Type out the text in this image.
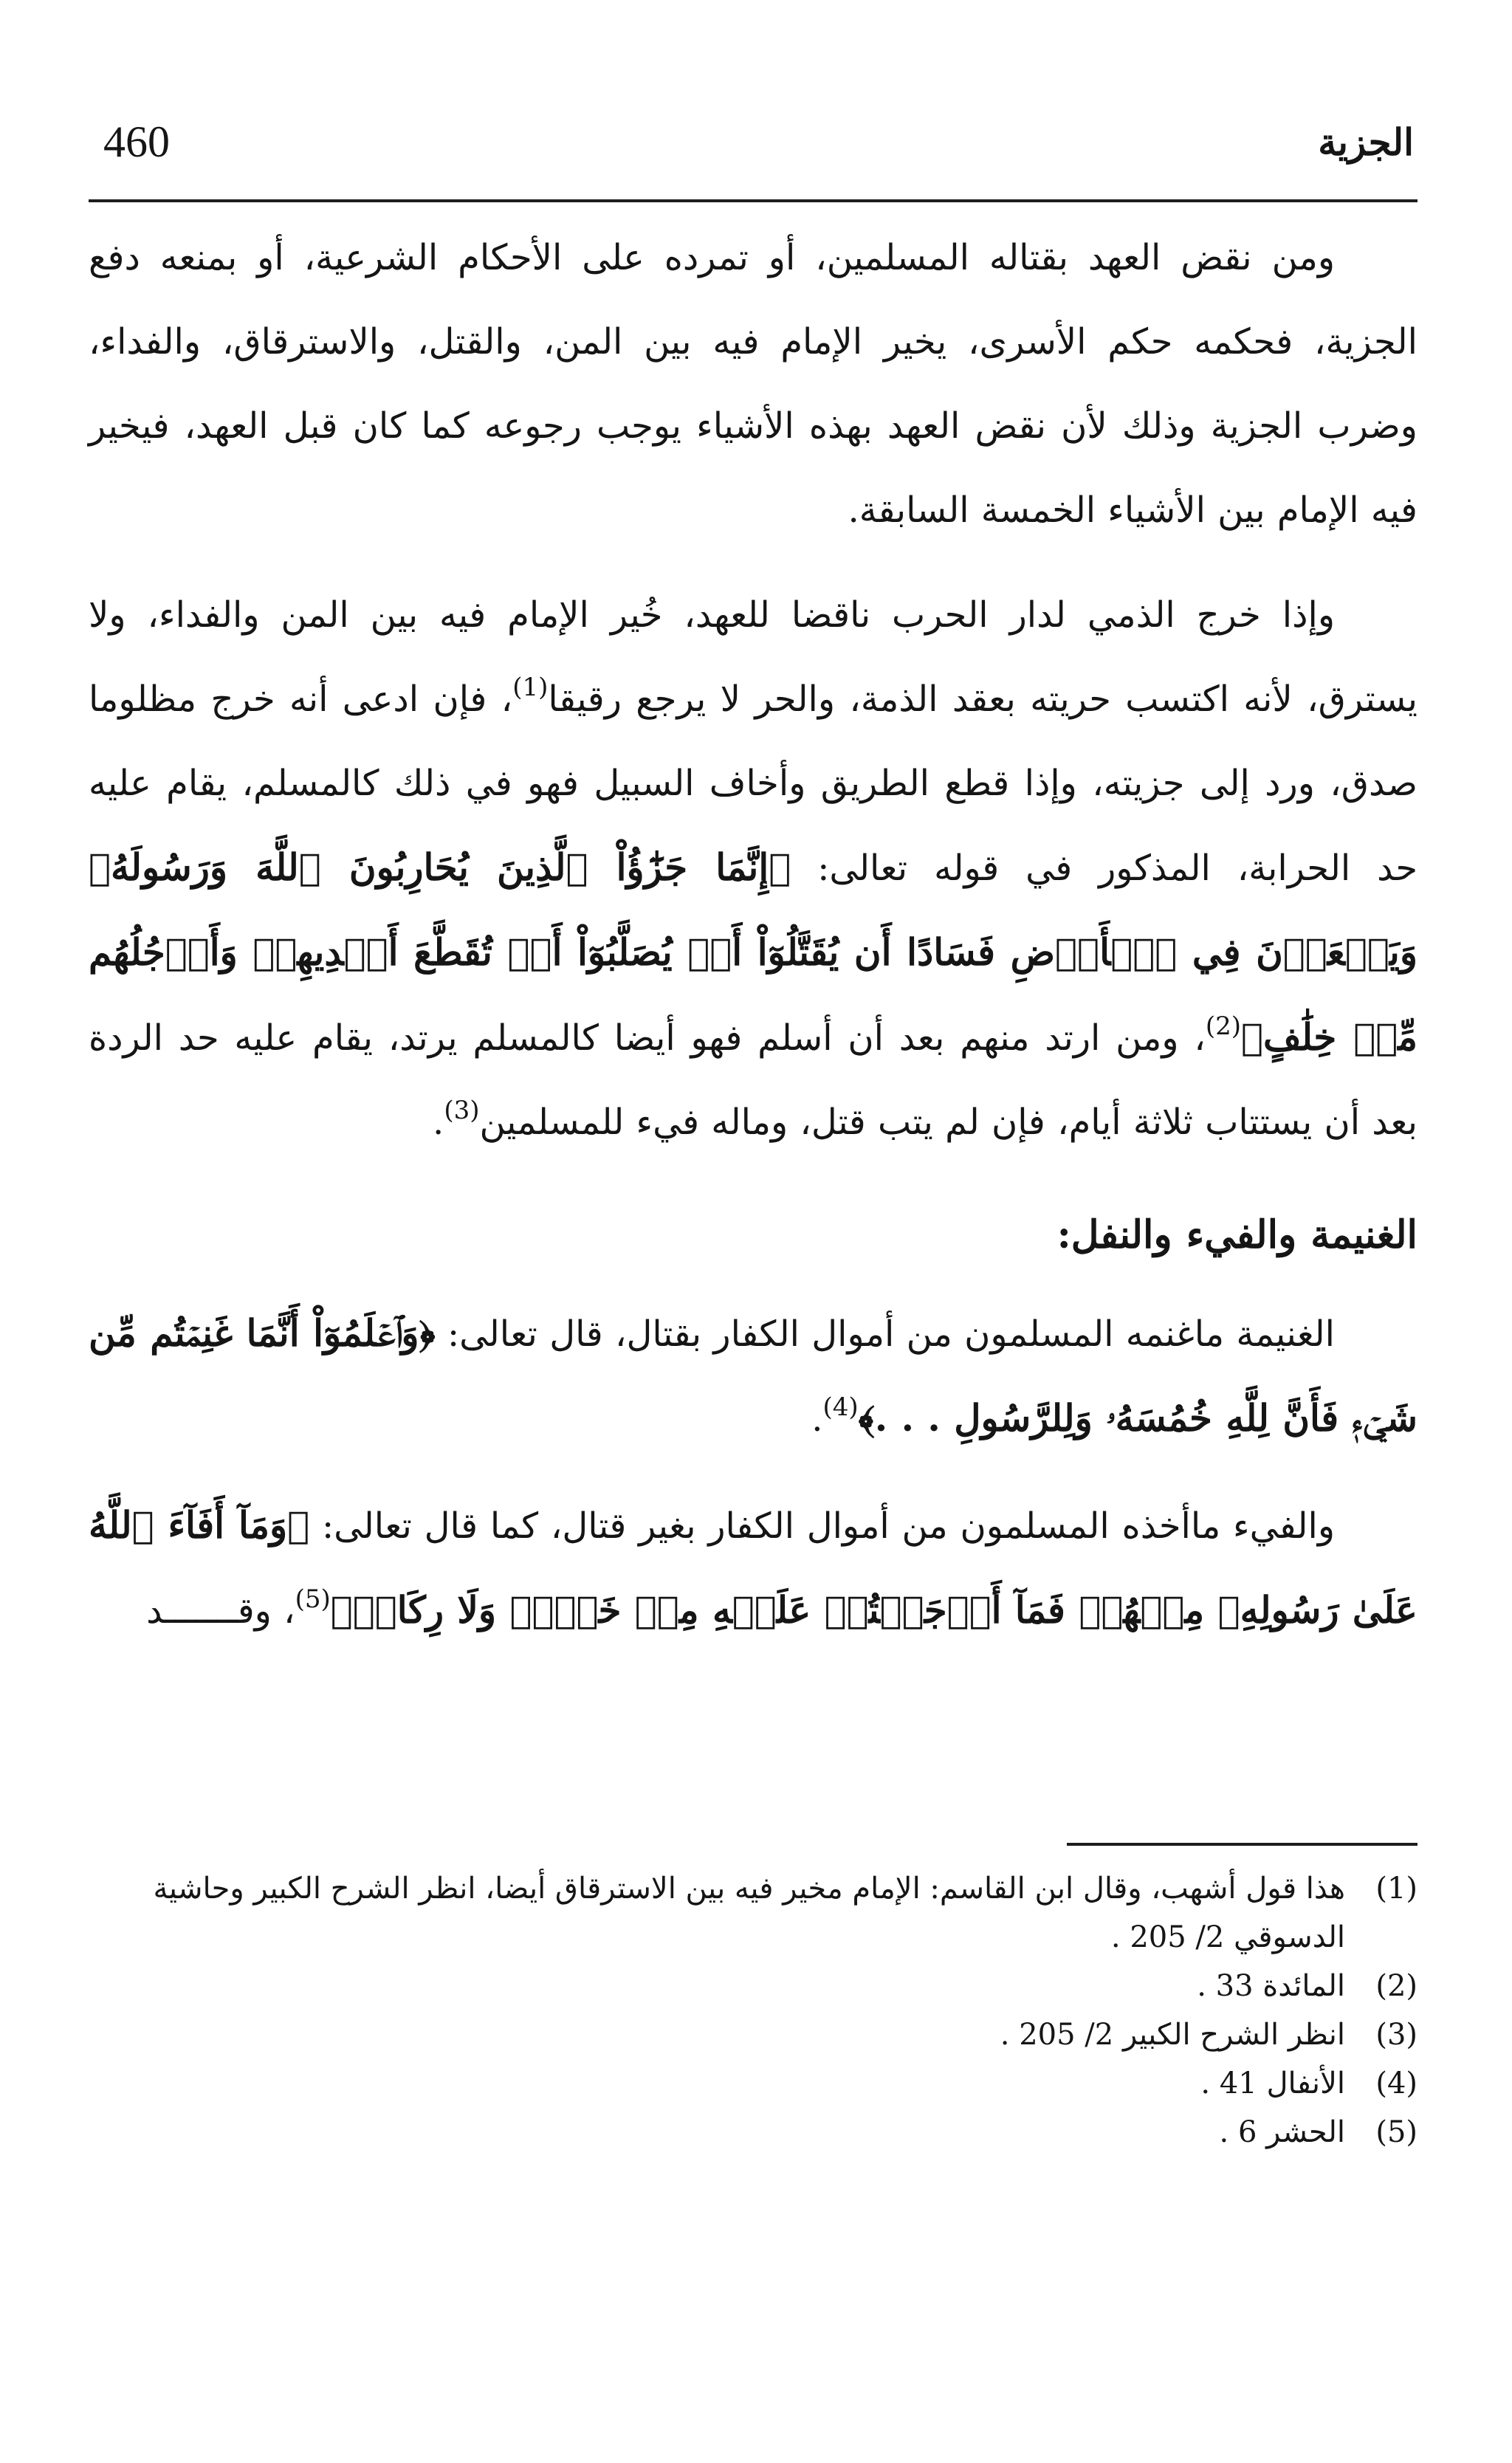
460	الجزية

ومن نقض العهد بقتاله المسلمين، أو تمرده على الأحكام الشرعية، أو بمنعه دفع الجزية، فحكمه حكم الأسرى، يخير الإمام فيه بين المن، والقتل، والاسترقاق، والفداء، وضرب الجزية وذلك لأن نقض العهد بهذه الأشياء يوجب رجوعه كما كان قبل العهد، فيخير فيه الإمام بين الأشياء الخمسة السابقة.

وإذا خرج الذمي لدار الحرب ناقضا للعهد، خُير الإمام فيه بين المن والفداء، ولا يسترق، لأنه اكتسب حريته بعقد الذمة، والحر لا يرجع رقيقا$^{(1)}$، فإن ادعى أنه خرج مظلوما صدق، ورد إلى جزيته، وإذا قطع الطريق وأخاف السبيل فهو في ذلك كالمسلم، يقام عليه حد الحرابة، المذكور في قوله تعالى: ﴿إِنَّمَا جَزَٰٓؤُاْ ٱلَّذِينَ يُحَارِبُونَ ٱللَّهَ وَرَسُولَهُۥ وَيَسۡعَوۡنَ فِي ٱلۡأَرۡضِ فَسَادًا أَن يُقَتَّلُوٓاْ أَوۡ يُصَلَّبُوٓاْ أَوۡ تُقَطَّعَ أَيۡدِيهِمۡ وَأَرۡجُلُهُم مِّنۡ خِلَٰفٍ﴾$^{(2)}$، ومن ارتد منهم بعد أن أسلم فهو أيضا كالمسلم يرتد، يقام عليه حد الردة بعد أن يستتاب ثلاثة أيام، فإن لم يتب قتل، وماله فيء للمسلمين$^{(3)}$.

الغنيمة والفيء والنفل:

الغنيمة ماغنمه المسلمون من أموال الكفار بقتال، قال تعالى: ﴿وَٱعۡلَمُوٓاْ أَنَّمَا غَنِمۡتُم مِّن شَيۡءٖ فَأَنَّ لِلَّهِ خُمُسَهُۥ وَلِلرَّسُولِ . . .﴾$^{(4)}$.

والفيء ماأخذه المسلمون من أموال الكفار بغير قتال، كما قال تعالى: ﴿وَمَآ أَفَآءَ ٱللَّهُ عَلَىٰ رَسُولِهِۦ مِنۡهُمۡ فَمَآ أَوۡجَفۡتُمۡ عَلَيۡهِ مِنۡ خَيۡلٖ وَلَا رِكَابٖ﴾$^{(5)}$، وقـــــــد

(1)
هذا قول أشهب، وقال ابن القاسم: الإمام مخير فيه بين الاسترقاق أيضا، انظر الشرح الكبير وحاشية الدسوقي 2/ 205 .
(2)
المائدة 33 .
(3)
انظر الشرح الكبير 2/ 205 .
(4)
الأنفال 41 .
(5)
الحشر 6 .
